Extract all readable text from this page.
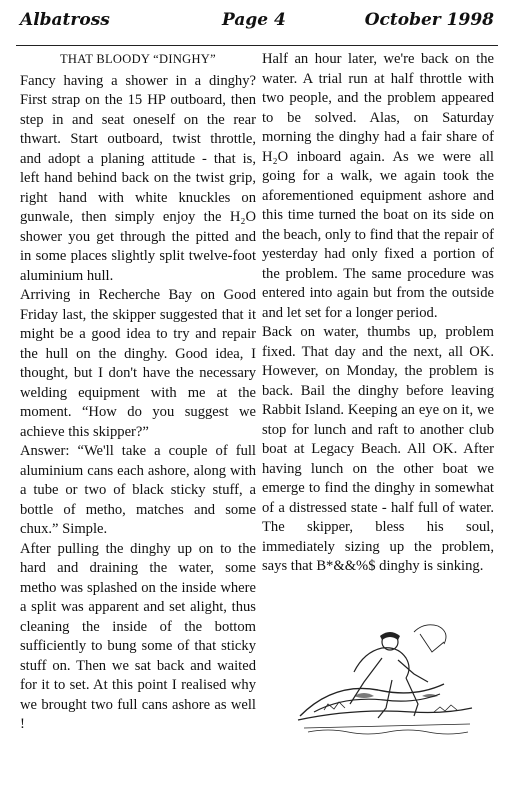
Albatross	Page 4	October 1998
THAT BLOODY “DINGHY”

Fancy having a shower in a dinghy? First strap on the 15 HP outboard, then step in and seat oneself on the rear thwart. Start outboard, twist throttle, and adopt a planing attitude - that is, left hand behind back on the twist grip, right hand with white knuckles on gunwale, then simply enjoy the H₂O shower you get through the pitted and in some places slightly split twelve-foot aluminium hull.

Arriving in Recherche Bay on Good Friday last, the skipper suggested that it might be a good idea to try and repair the hull on the dinghy. Good idea, I thought, but I don't have the necessary welding equipment with me at the moment. “How do you suggest we achieve this skipper?”

Answer: “We'll take a couple of full aluminium cans each ashore, along with a tube or two of black sticky stuff, a bottle of metho, matches and some chux.” Simple.

After pulling the dinghy up on to the hard and draining the water, some metho was splashed on the inside where a split was apparent and set alight, thus cleaning the inside of the bottom sufficiently to bung some of that sticky stuff on. Then we sat back and waited for it to set. At this point I realised why we brought two full cans ashore as well !

Half an hour later, we're back on the water. A trial run at half throttle with two people, and the problem appeared to be solved. Alas, on Saturday morning the dinghy had a fair share of H₂O inboard again. As we were all going for a walk, we again took the aforementioned equipment ashore and this time turned the boat on its side on the beach, only to find that the repair of yesterday had only fixed a portion of the problem. The same procedure was entered into again but from the outside and let set for a longer period.

Back on water, thumbs up, problem fixed. That day and the next, all OK. However, on Monday, the problem is back. Bail the dinghy before leaving Rabbit Island. Keeping an eye on it, we stop for lunch and raft to another club boat at Legacy Beach. All OK. After having lunch on the other boat we emerge to find the dinghy in somewhat of a distressed state - half full of water. The skipper, bless his soul, immediately sizing up the problem, says that B*&&%$ dinghy is sinking.
